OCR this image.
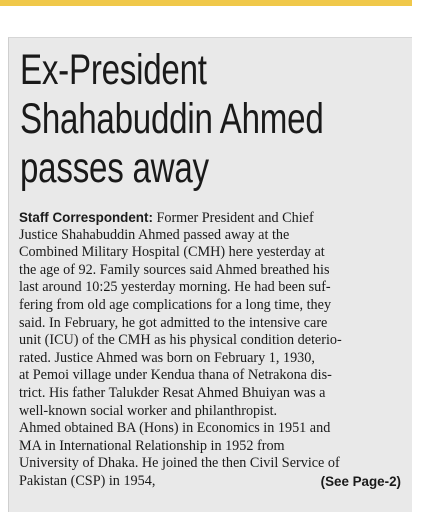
Ex-President
Shahabuddin Ahmed
passes away
Staff Correspondent: Former President and Chief
Justice Shahabuddin Ahmed passed away at the
Combined Military Hospital (CMH) here yesterday at
the age of 92. Family sources said Ahmed breathed his
last around 10:25 yesterday morning. He had been suf-
fering from old age complications for a long time, they
said. In February, he got admitted to the intensive care
unit (ICU) of the CMH as his physical condition deterio-
rated. Justice Ahmed was born on February 1, 1930,
at Pemoi village under Kendua thana of Netrakona dis-
trict. His father Talukder Resat Ahmed Bhuiyan was a
well-known social worker and philanthropist.
Ahmed obtained BA (Hons) in Economics in 1951 and
MA in International Relationship in 1952 from
University of Dhaka. He joined the then Civil Service of
Pakistan (CSP) in 1954,	(See Page-2)
